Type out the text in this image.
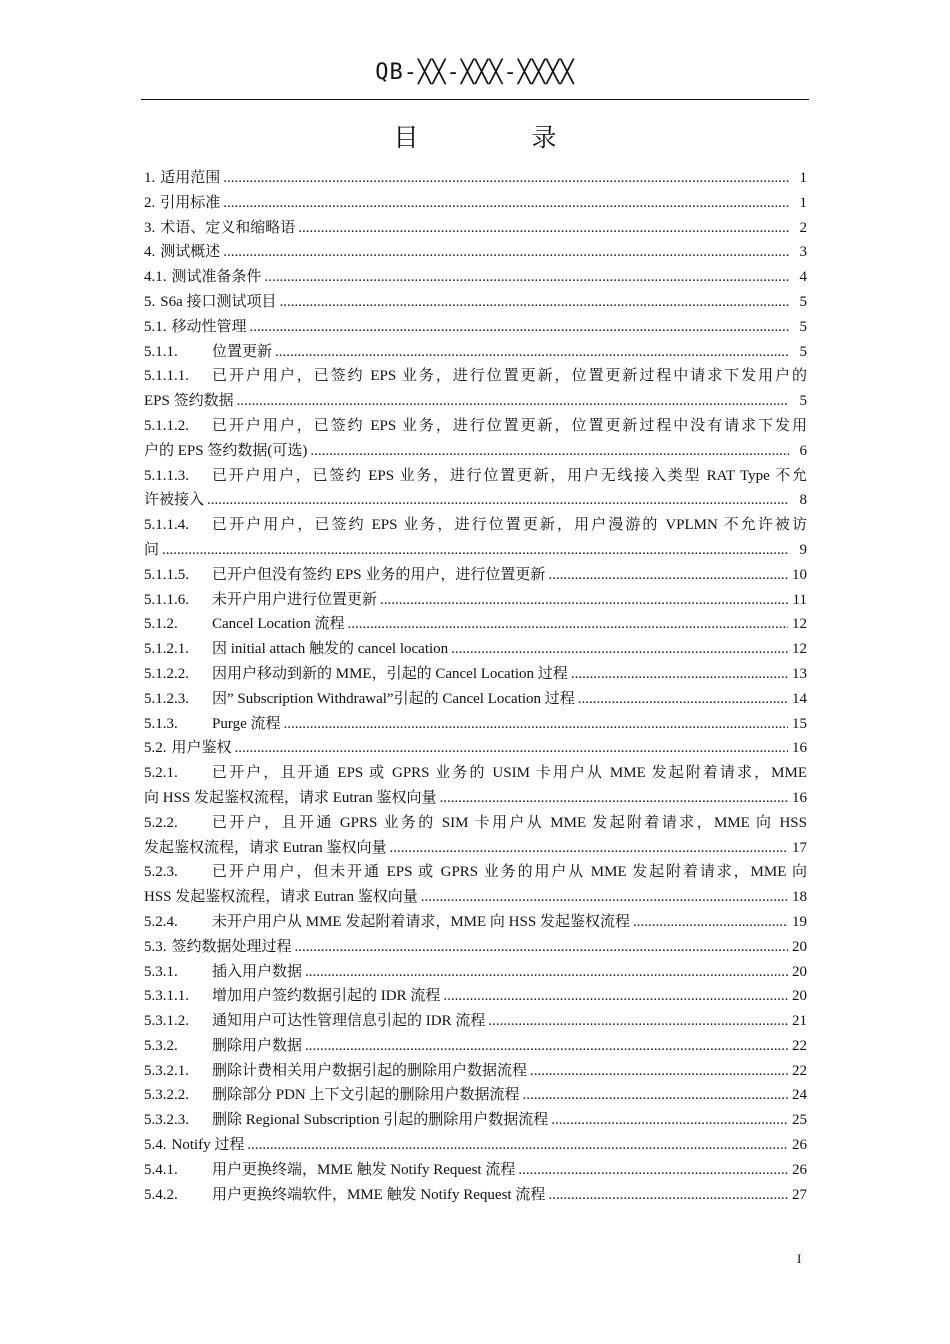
QB-╳╳-╳╳╳-╳╳╳╳
目　录
1. 适用范围 .....	1
2. 引用标准 .....	1
3. 术语、定义和缩略语 .....	2
4. 测试概述 .....	3
4.1. 测试准备条件 .....	4
5. S6a 接口测试项目 .....	5
5.1. 移动性管理 .....	5
5.1.1.	位置更新 .....	5
5.1.1.1.	已开户用户，已签约 EPS 业务，进行位置更新，位置更新过程中请求下发用户的
EPS 签约数据 .....	5
5.1.1.2.	已开户用户，已签约 EPS 业务，进行位置更新，位置更新过程中没有请求下发用
户的 EPS 签约数据(可选) .....	6
5.1.1.3.	已开户用户，已签约 EPS 业务，进行位置更新，用户无线接入类型 RAT Type 不允
许被接入 .....	8
5.1.1.4.	已开户用户，已签约 EPS 业务，进行位置更新，用户漫游的 VPLMN 不允许被访
问 .....	9
5.1.1.5.	已开户但没有签约 EPS 业务的用户，进行位置更新 .....	10
5.1.1.6.	未开户用户进行位置更新 .....	11
5.1.2.	Cancel Location 流程 .....	12
5.1.2.1.	因 initial attach 触发的 cancel location .....	12
5.1.2.2.	因用户移动到新的 MME，引起的 Cancel Location 过程 .....	13
5.1.2.3.	因” Subscription Withdrawal”引起的 Cancel Location 过程 .....	14
5.1.3.	Purge 流程 .....	15
5.2. 用户鉴权 .....	16
5.2.1.	已开户，且开通 EPS 或 GPRS 业务的 USIM 卡用户从 MME 发起附着请求，MME
向 HSS 发起鉴权流程，请求 Eutran 鉴权向量 .....	16
5.2.2.	已开户，且开通 GPRS 业务的 SIM 卡用户从 MME 发起附着请求，MME 向 HSS
发起鉴权流程，请求 Eutran 鉴权向量 .....	17
5.2.3.	已开户用户，但未开通 EPS 或 GPRS 业务的用户从 MME 发起附着请求，MME 向
HSS 发起鉴权流程，请求 Eutran 鉴权向量 .....	18
5.2.4.	未开户用户从 MME 发起附着请求，MME 向 HSS 发起鉴权流程 .....	19
5.3. 签约数据处理过程 .....	20
5.3.1.	插入用户数据 .....	20
5.3.1.1.	增加用户签约数据引起的 IDR 流程 .....	20
5.3.1.2.	通知用户可达性管理信息引起的 IDR 流程 .....	21
5.3.2.	删除用户数据 .....	22
5.3.2.1.	删除计费相关用户数据引起的删除用户数据流程 .....	22
5.3.2.2.	删除部分 PDN 上下文引起的删除用户数据流程 .....	24
5.3.2.3.	删除 Regional Subscription 引起的删除用户数据流程 .....	25
5.4. Notify 过程 .....	26
5.4.1.	用户更换终端，MME 触发 Notify Request 流程 .....	26
5.4.2.	用户更换终端软件，MME 触发 Notify Request 流程 .....	27
I
